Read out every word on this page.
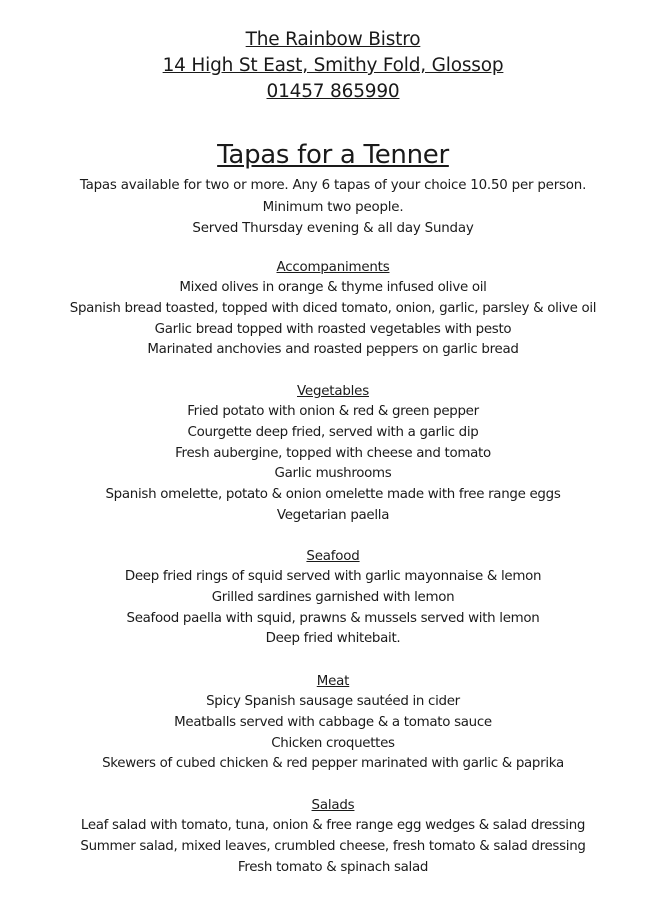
The Rainbow Bistro
14 High St East, Smithy Fold, Glossop
01457 865990
Tapas for a Tenner
Tapas available for two or more. Any 6 tapas of your choice 10.50 per person.
Minimum two people.
Served Thursday evening & all day Sunday
Accompaniments
Mixed olives in orange & thyme infused olive oil
Spanish bread toasted, topped with diced tomato, onion, garlic, parsley & olive oil
Garlic bread topped with roasted vegetables with pesto
Marinated anchovies and roasted peppers on garlic bread
Vegetables
Fried potato with onion & red & green pepper
Courgette deep fried, served with a garlic dip
Fresh aubergine, topped with cheese and tomato
Garlic mushrooms
Spanish omelette, potato & onion omelette made with free range eggs
Vegetarian paella
Seafood
Deep fried rings of squid served with garlic mayonnaise & lemon
Grilled sardines garnished with lemon
Seafood paella with squid, prawns & mussels served with lemon
Deep fried whitebait.
Meat
Spicy Spanish sausage sautéed in cider
Meatballs served with cabbage & a tomato sauce
Chicken croquettes
Skewers of cubed chicken & red pepper marinated with garlic & paprika
Salads
Leaf salad with tomato, tuna, onion & free range egg wedges & salad dressing
Summer salad, mixed leaves, crumbled cheese, fresh tomato & salad dressing
Fresh tomato & spinach salad
